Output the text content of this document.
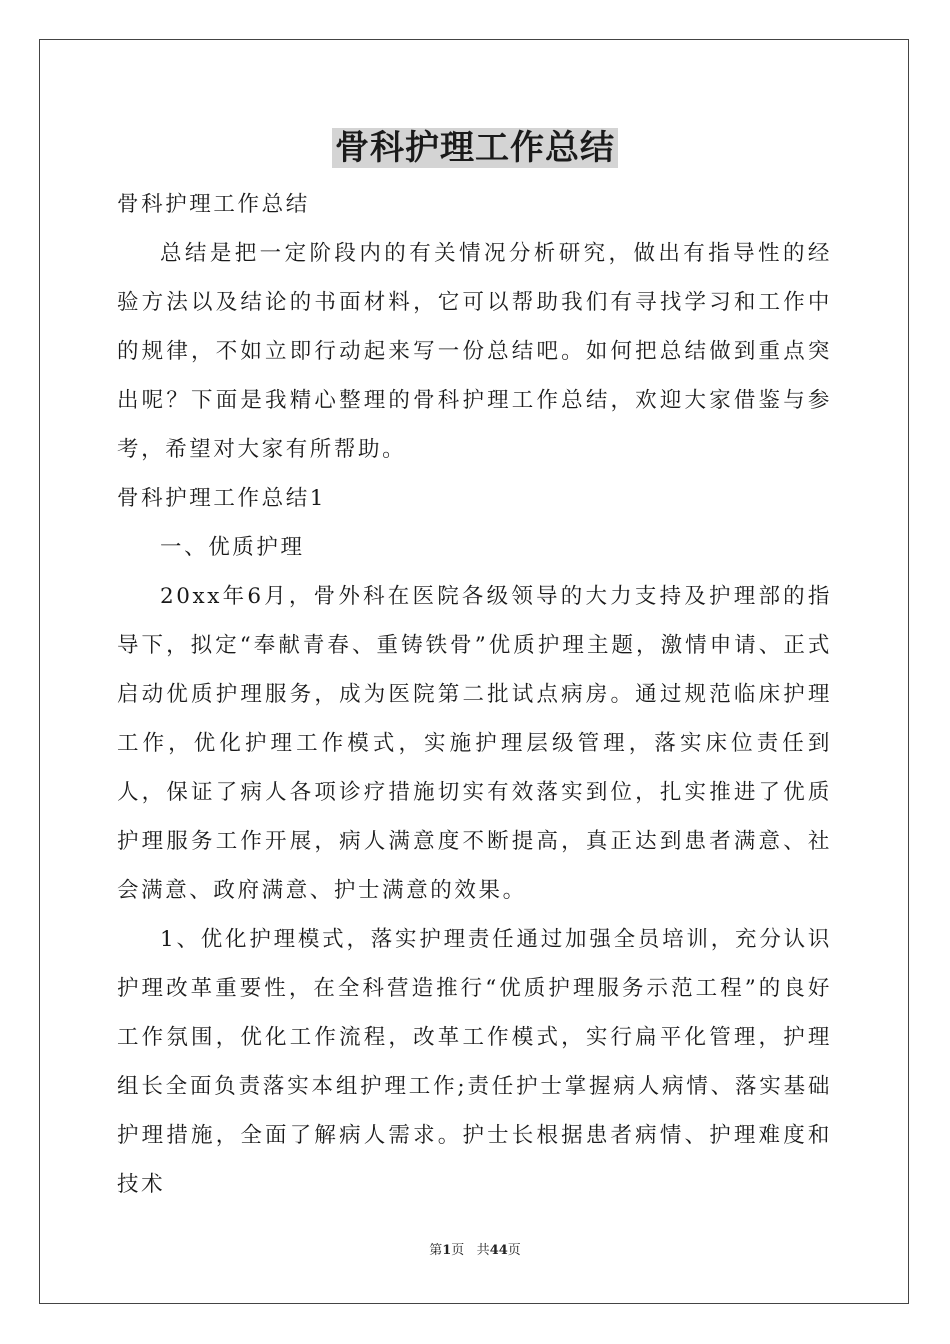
骨科护理工作总结

骨科护理工作总结

总结是把一定阶段内的有关情况分析研究，做出有指导性的经验方法以及结论的书面材料，它可以帮助我们有寻找学习和工作中的规律，不如立即行动起来写一份总结吧。如何把总结做到重点突出呢？下面是我精心整理的骨科护理工作总结，欢迎大家借鉴与参考，希望对大家有所帮助。

骨科护理工作总结1

一、优质护理

20xx年6月，骨外科在医院各级领导的大力支持及护理部的指导下，拟定“奉献青春、重铸铁骨”优质护理主题，激情申请、正式启动优质护理服务，成为医院第二批试点病房。通过规范临床护理工作，优化护理工作模式，实施护理层级管理，落实床位责任到人，保证了病人各项诊疗措施切实有效落实到位，扎实推进了优质护理服务工作开展，病人满意度不断提高，真正达到患者满意、社会满意、政府满意、护士满意的效果。

1、优化护理模式，落实护理责任通过加强全员培训，充分认识护理改革重要性，在全科营造推行“优质护理服务示范工程”的良好工作氛围，优化工作流程，改革工作模式，实行扁平化管理，护理组长全面负责落实本组护理工作;责任护士掌握病人病情、落实基础护理措施，全面了解病人需求。护士长根据患者病情、护理难度和技术

第1页 共44页
